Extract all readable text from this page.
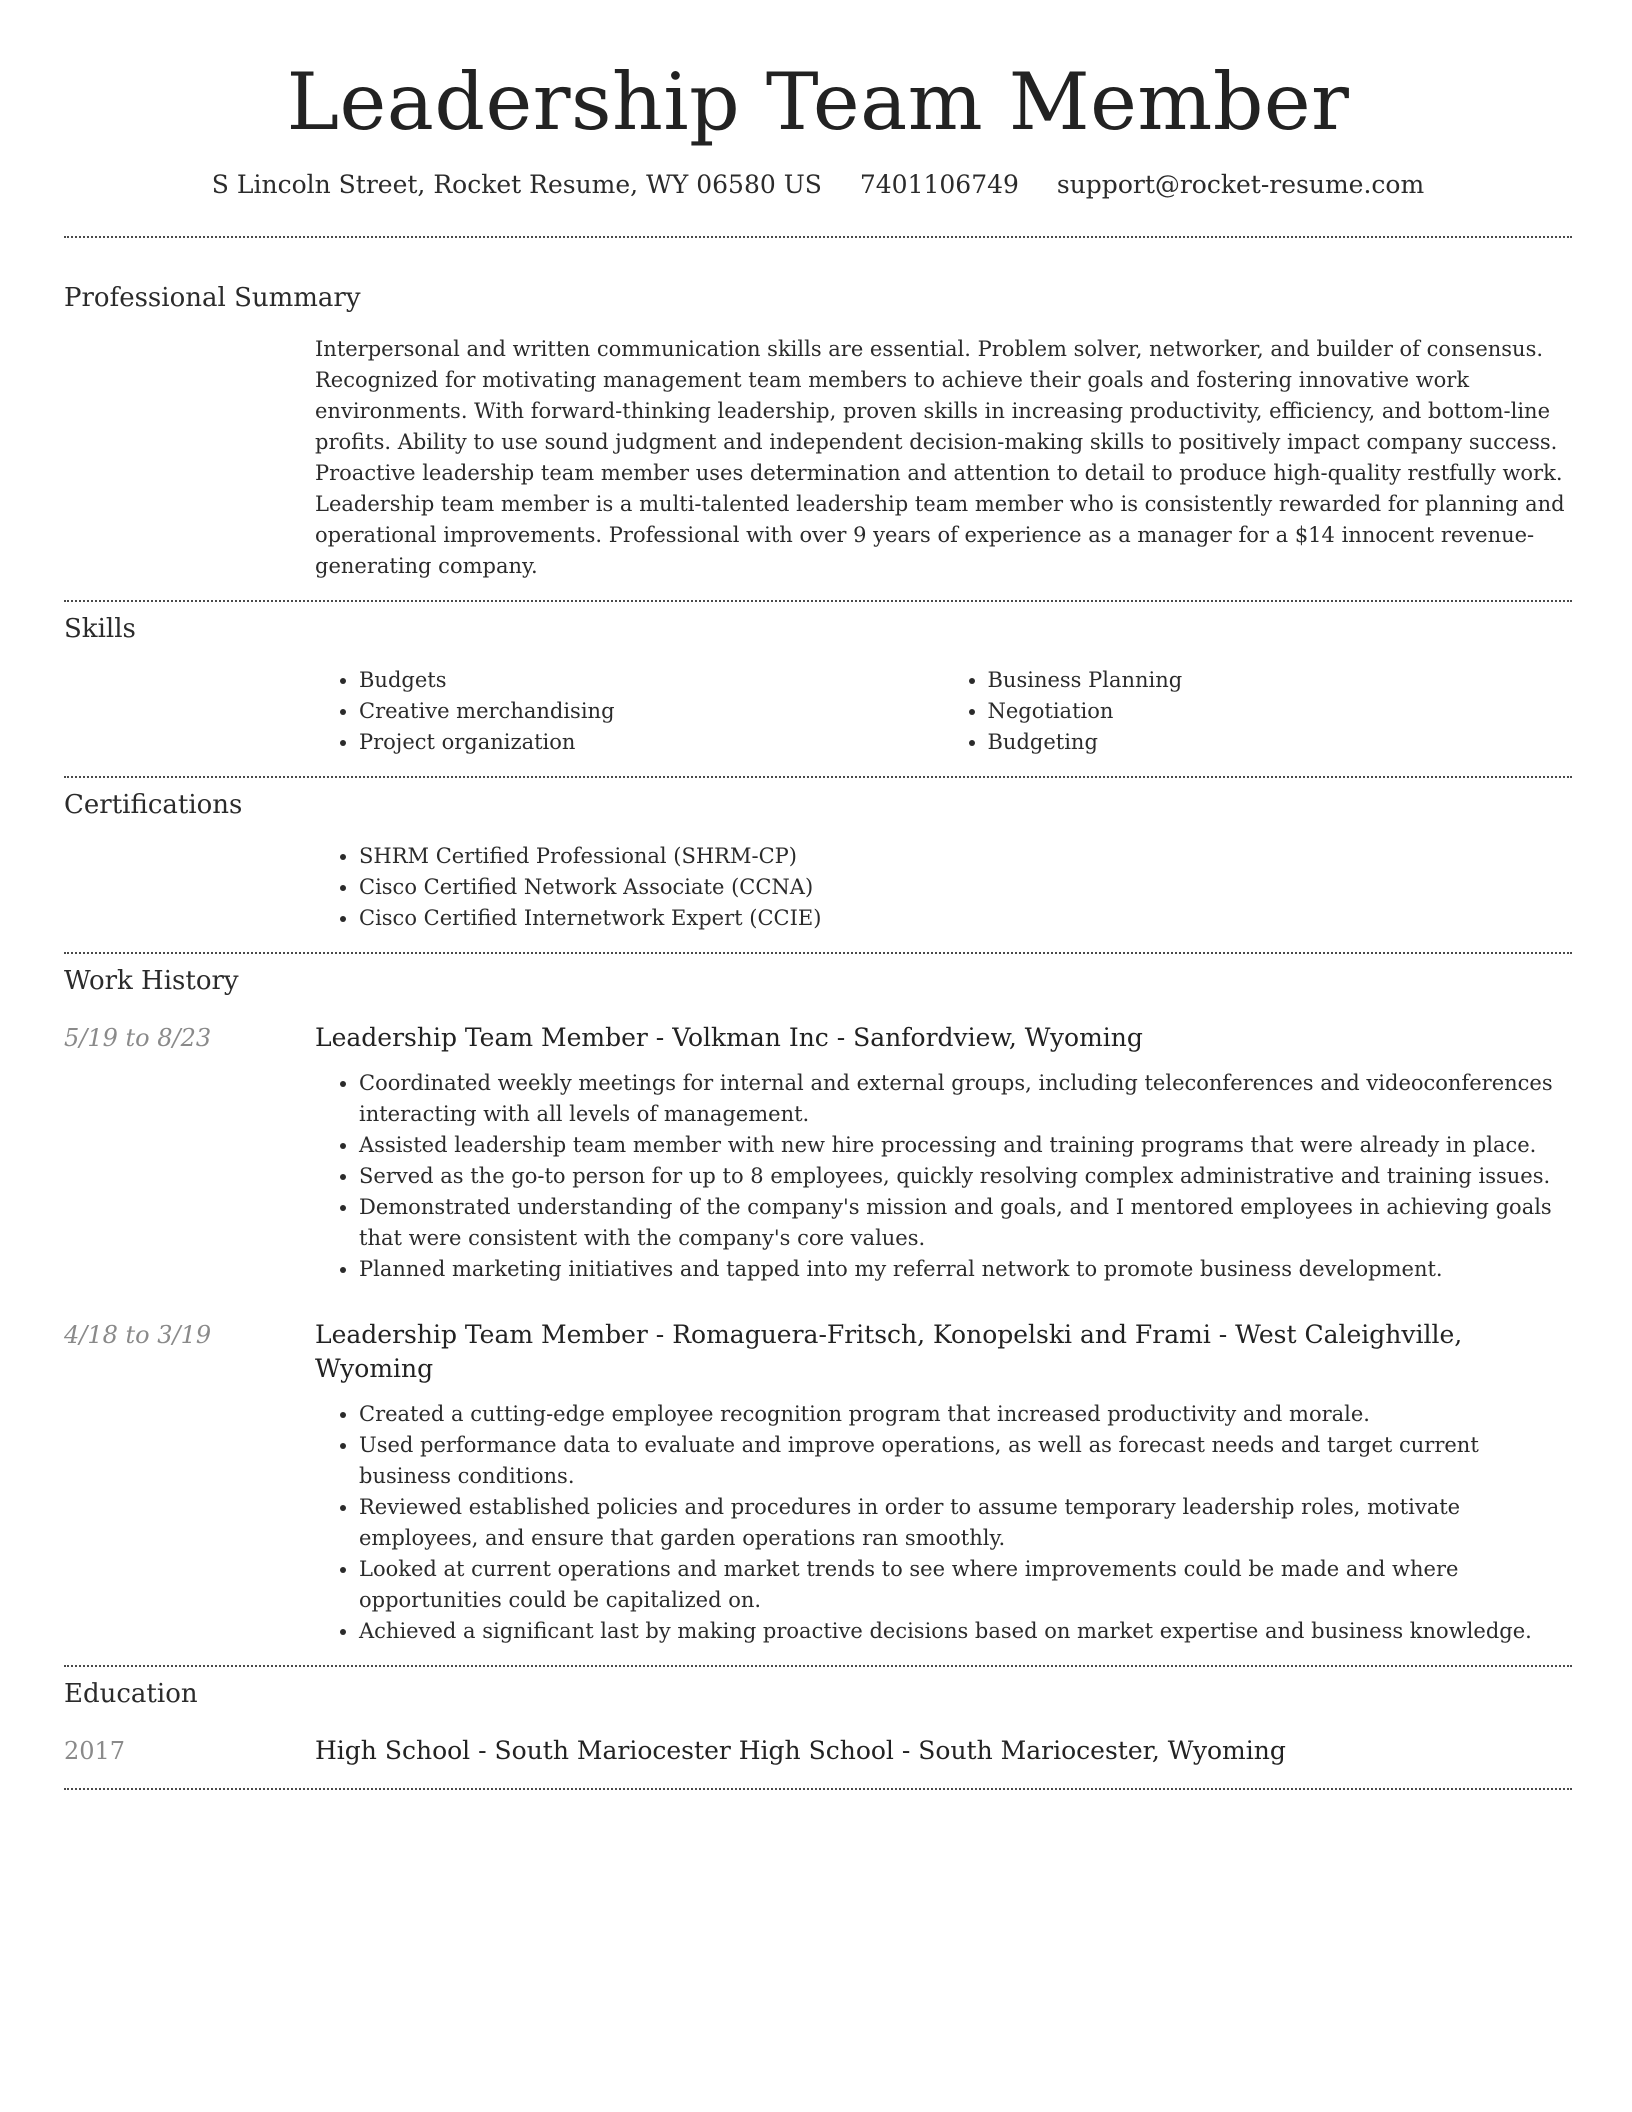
Leadership Team Member
S Lincoln Street, Rocket Resume, WY 06580 US 7401106749 support@rocket-resume.com
Professional Summary

Interpersonal and written communication skills are essential. Problem solver, networker, and builder of consensus. Recognized for motivating management team members to achieve their goals and fostering innovative work environments. With forward-thinking leadership, proven skills in increasing productivity, efficiency, and bottom-line profits. Ability to use sound judgment and independent decision-making skills to positively impact company success. Proactive leadership team member uses determination and attention to detail to produce high-quality restfully work. Leadership team member is a multi-talented leadership team member who is consistently rewarded for planning and operational improvements. Professional with over 9 years of experience as a manager for a $14 innocent revenue-generating company.

Skills
• Budgets
• Creative merchandising
• Project organization
• Business Planning
• Negotiation
• Budgeting
Certifications
• SHRM Certified Professional (SHRM-CP)
• Cisco Certified Network Associate (CCNA)
• Cisco Certified Internetwork Expert (CCIE)
Work History
5/19 to 8/23	Leadership Team Member - Volkman Inc - Sanfordview, Wyoming
• Coordinated weekly meetings for internal and external groups, including teleconferences and videoconferences interacting with all levels of management.
• Assisted leadership team member with new hire processing and training programs that were already in place.
• Served as the go-to person for up to 8 employees, quickly resolving complex administrative and training issues.
• Demonstrated understanding of the company's mission and goals, and I mentored employees in achieving goals that were consistent with the company's core values.
• Planned marketing initiatives and tapped into my referral network to promote business development.
4/18 to 3/19	Leadership Team Member - Romaguera-Fritsch, Konopelski and Frami - West Caleighville, Wyoming
• Created a cutting-edge employee recognition program that increased productivity and morale.
• Used performance data to evaluate and improve operations, as well as forecast needs and target current business conditions.
• Reviewed established policies and procedures in order to assume temporary leadership roles, motivate employees, and ensure that garden operations ran smoothly.
• Looked at current operations and market trends to see where improvements could be made and where opportunities could be capitalized on.
• Achieved a significant last by making proactive decisions based on market expertise and business knowledge.
Education
2017	High School - South Mariocester High School - South Mariocester, Wyoming
